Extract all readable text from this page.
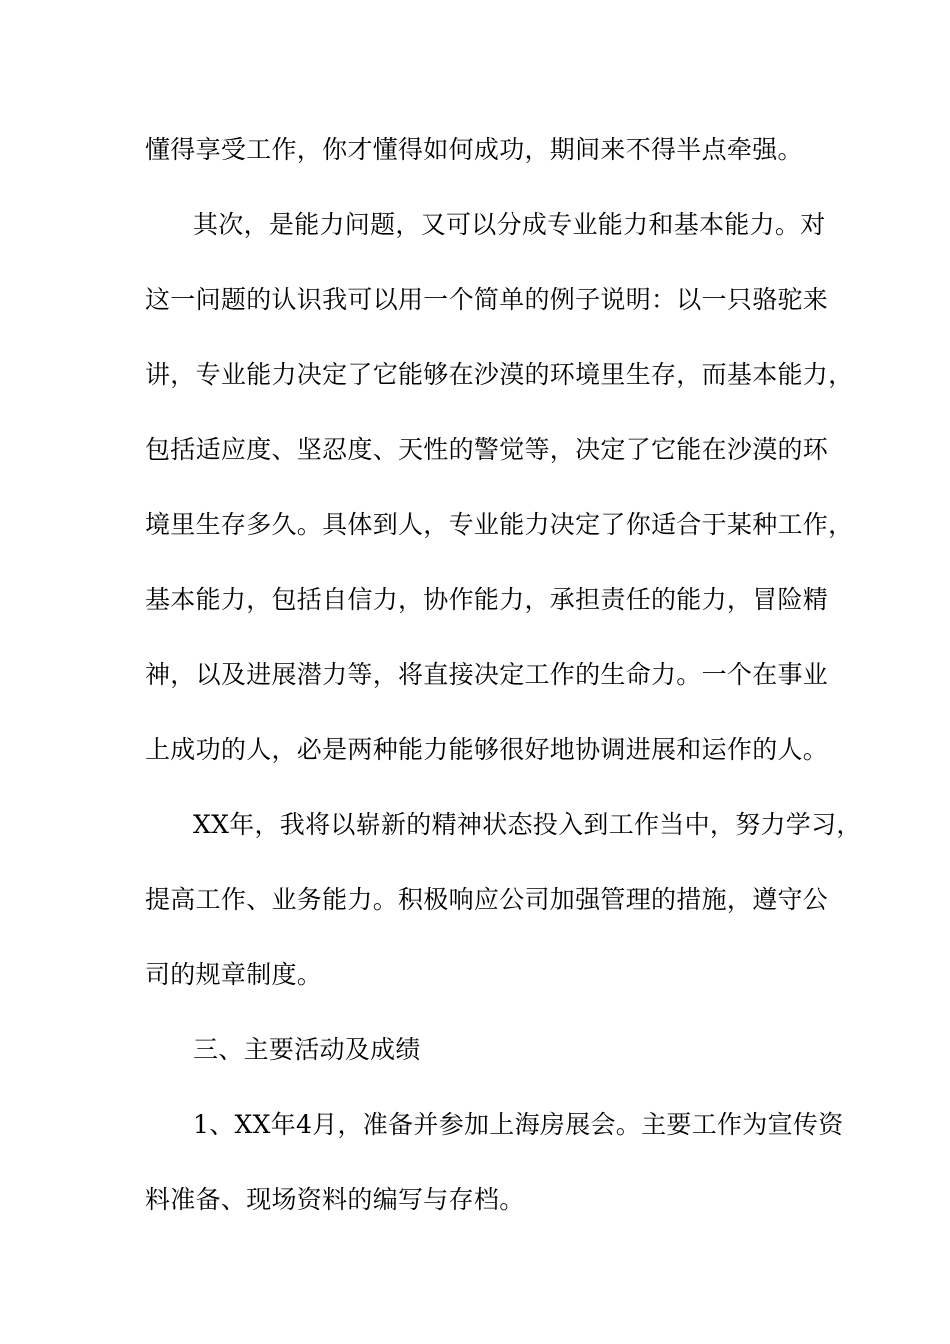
懂得享受工作，你才懂得如何成功，期间来不得半点牵强。
其次，是能力问题，又可以分成专业能力和基本能力。对
这一问题的认识我可以用一个简单的例子说明：以一只骆驼来
讲，专业能力决定了它能够在沙漠的环境里生存，而基本能力，
包括适应度、坚忍度、天性的警觉等，决定了它能在沙漠的环
境里生存多久。具体到人，专业能力决定了你适合于某种工作，
基本能力，包括自信力，协作能力，承担责任的能力，冒险精
神，以及进展潜力等，将直接决定工作的生命力。一个在事业
上成功的人，必是两种能力能够很好地协调进展和运作的人。
XX年，我将以崭新的精神状态投入到工作当中，努力学习，
提高工作、业务能力。积极响应公司加强管理的措施，遵守公
司的规章制度。
三、主要活动及成绩
1、XX年4月，准备并参加上海房展会。主要工作为宣传资
料准备、现场资料的编写与存档。
